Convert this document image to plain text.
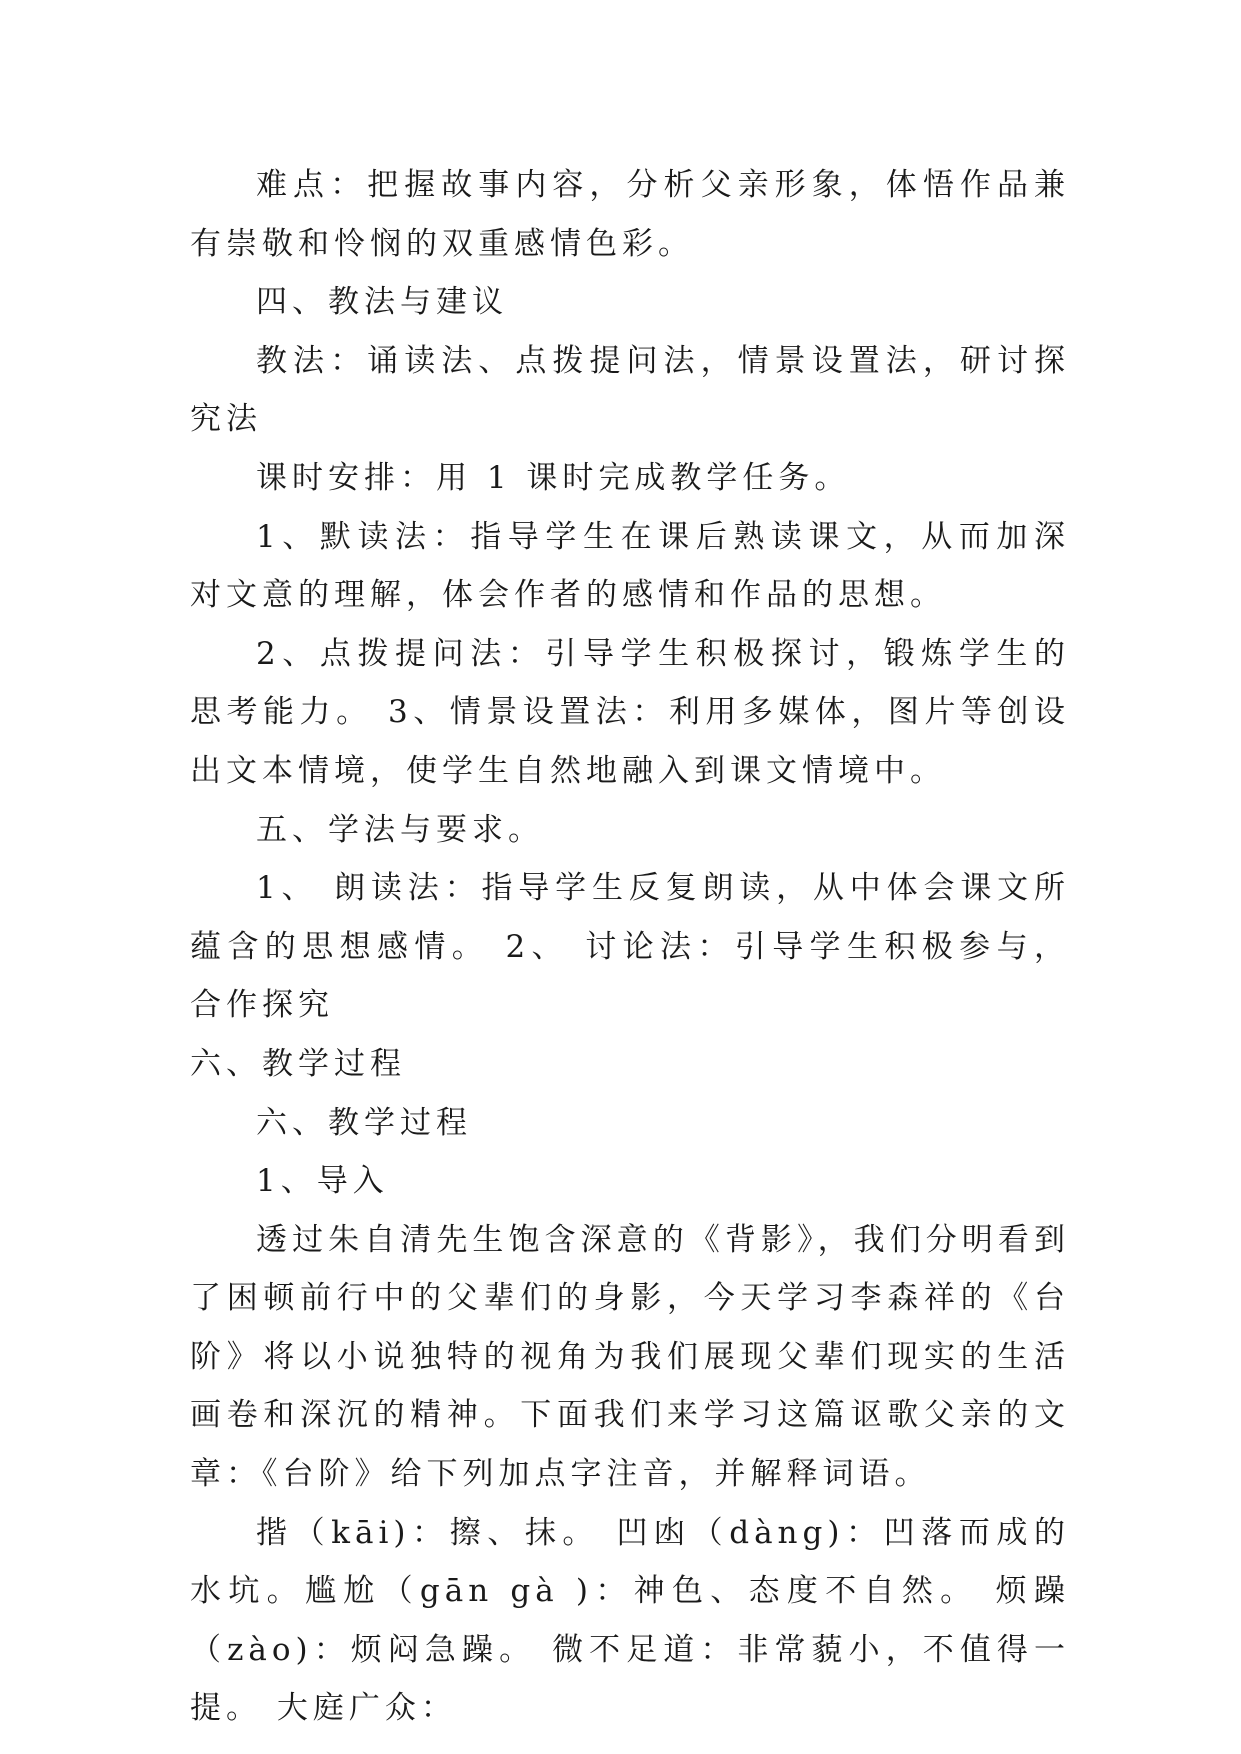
难点：把握故事内容，分析父亲形象，体悟作品兼有崇敬和怜悯的双重感情色彩。

四、教法与建议

教法：诵读法、点拨提问法，情景设置法，研讨探究法

课时安排：用 1 课时完成教学任务。

1、默读法：指导学生在课后熟读课文，从而加深对文意的理解，体会作者的感情和作品的思想。

2、点拨提问法：引导学生积极探讨，锻炼学生的思考能力。 3、情景设置法：利用多媒体，图片等创设出文本情境，使学生自然地融入到课文情境中。

五、学法与要求。

1、 朗读法：指导学生反复朗读，从中体会课文所蕴含的思想感情。 2、 讨论法：引导学生积极参与，合作探究

六、教学过程

六、教学过程

1、导入

透过朱自清先生饱含深意的《背影》，我们分明看到了困顿前行中的父辈们的身影，今天学习李森祥的《台阶》将以小说独特的视角为我们展现父辈们现实的生活画卷和深沉的精神。下面我们来学习这篇讴歌父亲的文章：《台阶》给下列加点字注音，并解释词语。

揩（kāi)：擦、抹。 凹凼（dàng)：凹落而成的水坑。尴尬（gān gà )：神色、态度不自然。 烦躁（zào)：烦闷急躁。 微不足道：非常藐小，不值得一提。 大庭广众：
